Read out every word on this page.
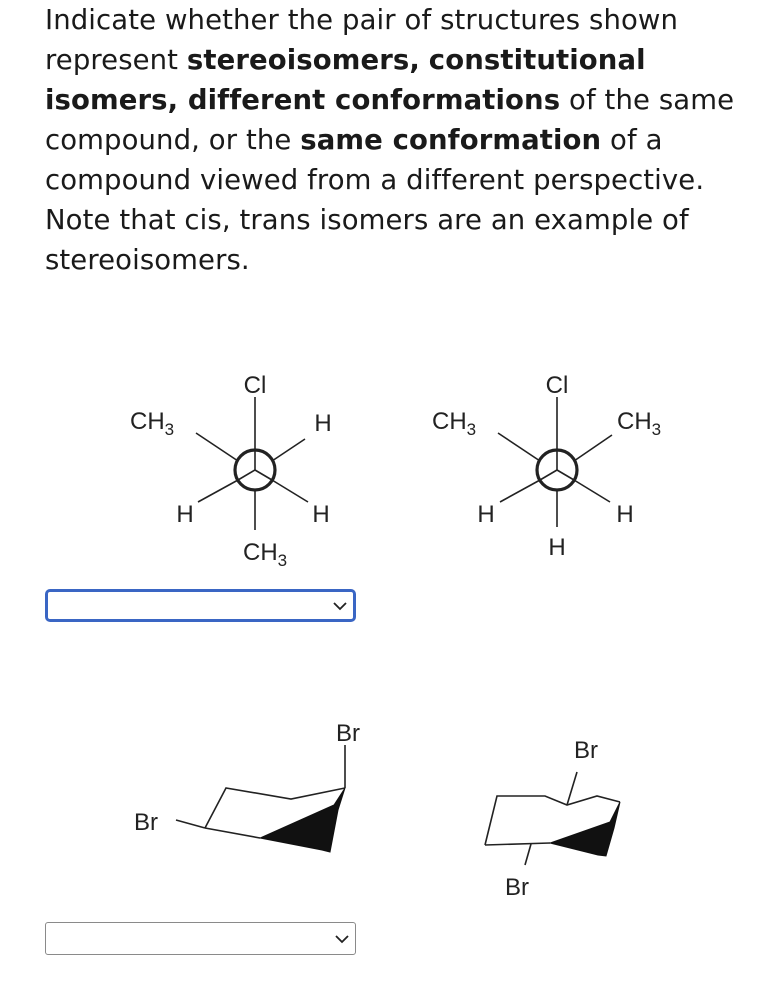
Indicate whether the pair of structures shown represent stereoisomers, constitutional isomers, different conformations of the same compound, or the same conformation of a compound viewed from a different perspective.

Note that cis, trans isomers are an example of stereoisomers.

Cl
H
H
$CH_3$
H
$CH_3$
Cl
H
H
$CH_3$	$CH_3$
H
Br
Br
Br
Br
